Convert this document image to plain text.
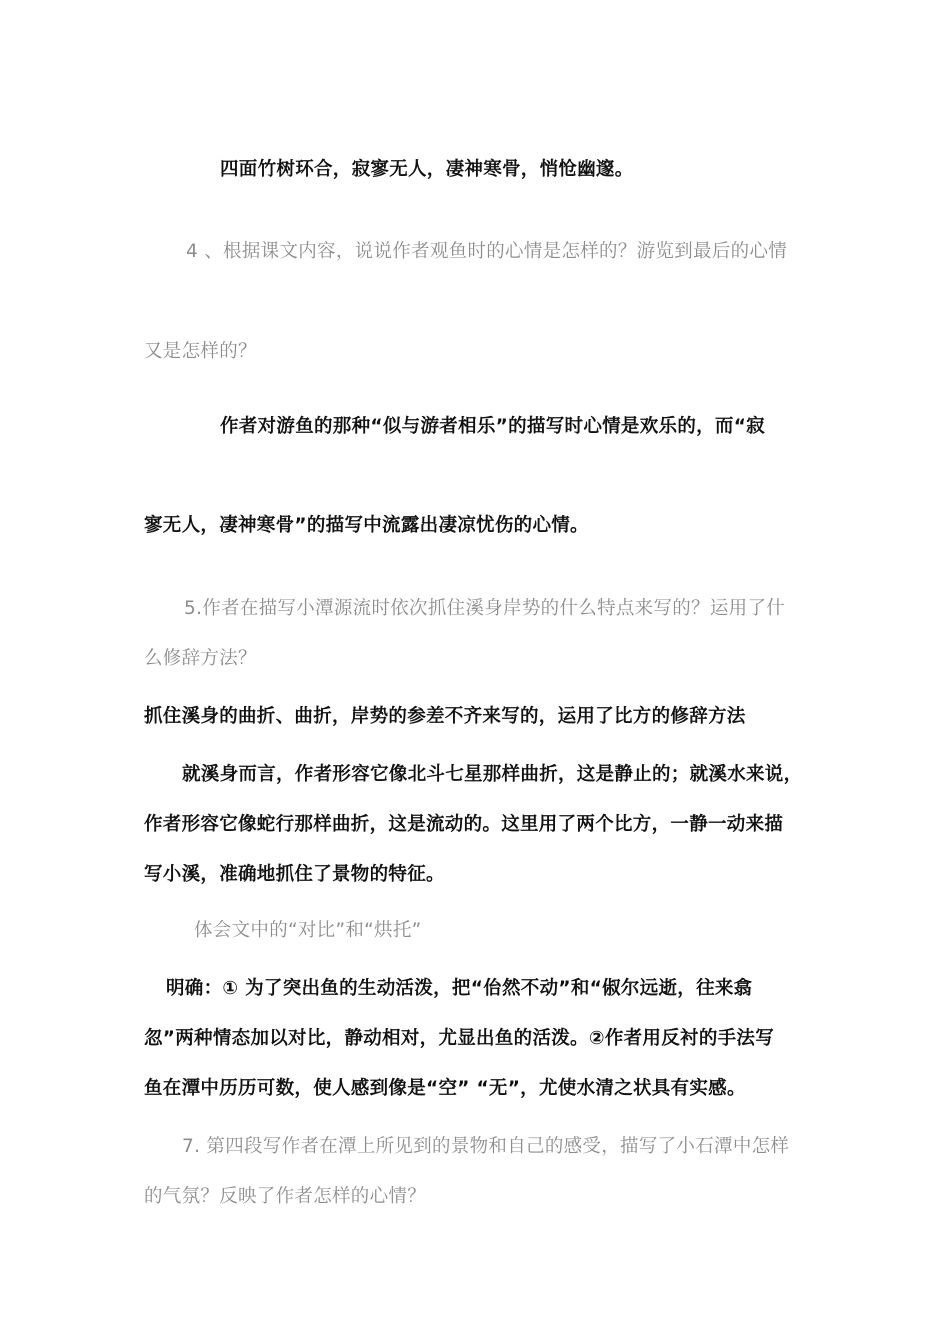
四面竹树环合，寂寥无人，凄神寒骨，悄怆幽邃。

4 、根据课文内容，说说作者观鱼时的心情是怎样的？游览到最后的心情

又是怎样的？

作者对游鱼的那种“似与游者相乐”的描写时心情是欢乐的，而“寂

寥无人，凄神寒骨”的描写中流露出凄凉忧伤的心情。

5.作者在描写小潭源流时依次抓住溪身岸势的什么特点来写的？运用了什

么修辞方法？

抓住溪身的曲折、曲折，岸势的参差不齐来写的，运用了比方的修辞方法

就溪身而言，作者形容它像北斗七星那样曲折，这是静止的；就溪水来说，

作者形容它像蛇行那样曲折，这是流动的。这里用了两个比方，一静一动来描

写小溪，准确地抓住了景物的特征。

体会文中的“对比”和“烘托”

明确：① 为了突出鱼的生动活泼，把“佁然不动”和“俶尔远逝，往来翕

忽”两种情态加以对比，静动相对，尤显出鱼的活泼。②作者用反衬的手法写

鱼在潭中历历可数，使人感到像是“空” “无”，尤使水清之状具有实感。

7. 第四段写作者在潭上所见到的景物和自己的感受，描写了小石潭中怎样

的气氛？反映了作者怎样的心情？
